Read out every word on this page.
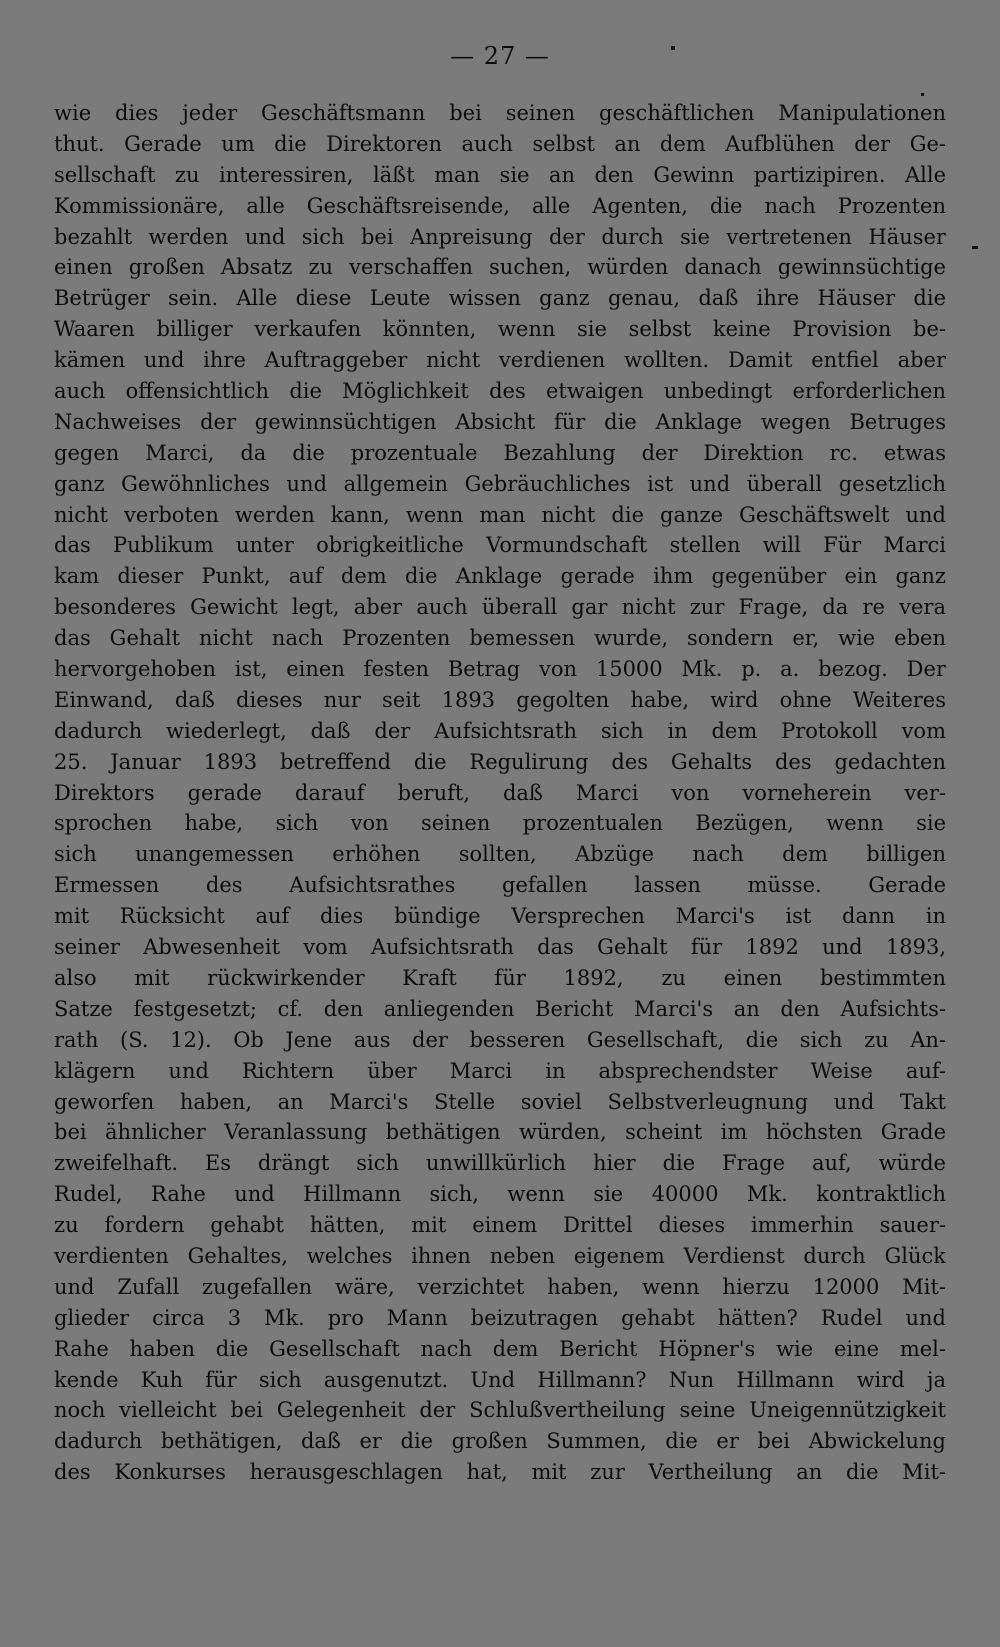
— 27 —
wie dies jeder Geschäftsmann bei seinen geschäftlichen Manipulationen
thut. Gerade um die Direktoren auch selbst an dem Aufblühen der Ge-
sellschaft zu interessiren, läßt man sie an den Gewinn partizipiren. Alle
Kommissionäre, alle Geschäftsreisende, alle Agenten, die nach Prozenten
bezahlt werden und sich bei Anpreisung der durch sie vertretenen Häuser
einen großen Absatz zu verschaffen suchen, würden danach gewinnsüchtige
Betrüger sein. Alle diese Leute wissen ganz genau, daß ihre Häuser die
Waaren billiger verkaufen könnten, wenn sie selbst keine Provision be-
kämen und ihre Auftraggeber nicht verdienen wollten. Damit entfiel aber
auch offensichtlich die Möglichkeit des etwaigen unbedingt erforderlichen
Nachweises der gewinnsüchtigen Absicht für die Anklage wegen Betruges
gegen Marci, da die prozentuale Bezahlung der Direktion rc. etwas
ganz Gewöhnliches und allgemein Gebräuchliches ist und überall gesetzlich
nicht verboten werden kann, wenn man nicht die ganze Geschäftswelt und
das Publikum unter obrigkeitliche Vormundschaft stellen will Für Marci
kam dieser Punkt, auf dem die Anklage gerade ihm gegenüber ein ganz
besonderes Gewicht legt, aber auch überall gar nicht zur Frage, da re vera
das Gehalt nicht nach Prozenten bemessen wurde, sondern er, wie eben
hervorgehoben ist, einen festen Betrag von 15000 Mk. p. a. bezog. Der
Einwand, daß dieses nur seit 1893 gegolten habe, wird ohne Weiteres
dadurch wiederlegt, daß der Aufsichtsrath sich in dem Protokoll vom
25. Januar 1893 betreffend die Regulirung des Gehalts des gedachten
Direktors gerade darauf beruft, daß Marci von vorneherein ver-
sprochen habe, sich von seinen prozentualen Bezügen, wenn sie
sich unangemessen erhöhen sollten, Abzüge nach dem billigen
Ermessen des Aufsichtsrathes gefallen lassen müsse. Gerade
mit Rücksicht auf dies bündige Versprechen Marci's ist dann in
seiner Abwesenheit vom Aufsichtsrath das Gehalt für 1892 und 1893,
also mit rückwirkender Kraft für 1892, zu einen bestimmten
Satze festgesetzt; cf. den anliegenden Bericht Marci's an den Aufsichts-
rath (S. 12). Ob Jene aus der besseren Gesellschaft, die sich zu An-
klägern und Richtern über Marci in absprechendster Weise auf-
geworfen haben, an Marci's Stelle soviel Selbstverleugnung und Takt
bei ähnlicher Veranlassung bethätigen würden, scheint im höchsten Grade
zweifelhaft. Es drängt sich unwillkürlich hier die Frage auf, würde
Rudel, Rahe und Hillmann sich, wenn sie 40000 Mk. kontraktlich
zu fordern gehabt hätten, mit einem Drittel dieses immerhin sauer-
verdienten Gehaltes, welches ihnen neben eigenem Verdienst durch Glück
und Zufall zugefallen wäre, verzichtet haben, wenn hierzu 12000 Mit-
glieder circa 3 Mk. pro Mann beizutragen gehabt hätten? Rudel und
Rahe haben die Gesellschaft nach dem Bericht Höpner's wie eine mel-
kende Kuh für sich ausgenutzt. Und Hillmann? Nun Hillmann wird ja
noch vielleicht bei Gelegenheit der Schlußvertheilung seine Uneigennützigkeit
dadurch bethätigen, daß er die großen Summen, die er bei Abwickelung
des Konkurses herausgeschlagen hat, mit zur Vertheilung an die Mit-
